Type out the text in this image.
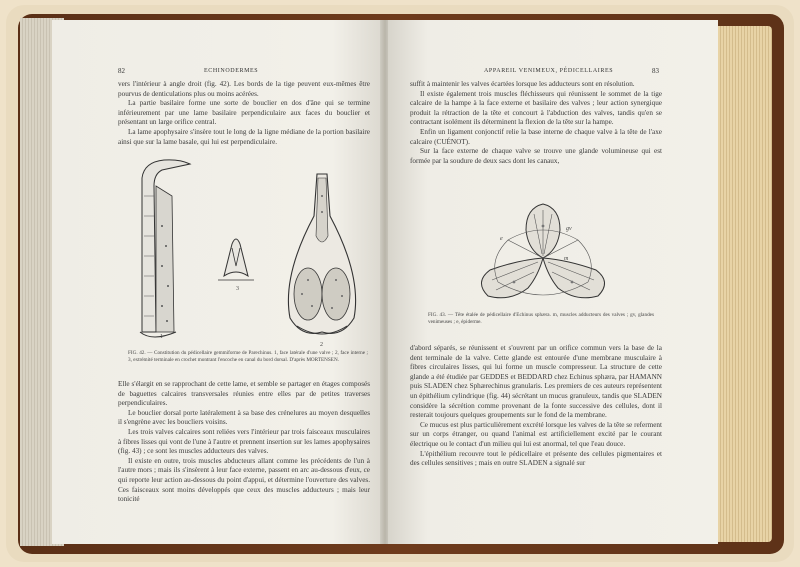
82	ECHINODERMES

vers l'intérieur à angle droit (fig. 42). Les bords de la tige peuvent eux-mêmes être pourvus de denticulations plus ou moins acérées.

La partie basilaire forme une sorte de bouclier en dos d'âne qui se termine inférieurement par une lame basilaire perpendiculaire aux faces du bouclier et présentant un large orifice central.

La lame apophysaire s'insère tout le long de la ligne médiane de la portion basilaire ainsi que sur la lame basale, qui lui est perpendiculaire.

1
3
2
FIG. 42. — Constitution du pédicellaire gemmiforme de Parechinus. 1, face latérale d'une valve ; 2, face interne ; 3, extrémité terminale en crochet montrant l'encoche en canal du bord dorsal. D'après MORTENSEN.

Elle s'élargit en se rapprochant de cette lame, et semble se partager en étages composés de baguettes calcaires transversales réunies entre elles par de petites traverses perpendiculaires.

Le bouclier dorsal porte latéralement à sa base des crénelures au moyen desquelles il s'engrène avec les boucliers voisins.

Les trois valves calcaires sont reliées vers l'intérieur par trois faisceaux musculaires à fibres lisses qui vont de l'une à l'autre et prennent insertion sur les lames apophysaires (fig. 43) ; ce sont les muscles adducteurs des valves.

Il existe en outre, trois muscles abducteurs allant comme les précédents de l'un à l'autre mors ; mais ils s'insèrent à leur face externe, passent en arc au-dessous d'eux, ce qui reporte leur action au-dessous du point d'appui, et détermine l'ouverture des valves. Ces faisceaux sont moins développés que ceux des muscles adducteurs ; mais leur tonicité

APPAREIL VENIMEUX, PÉDICELLAIRES	83

suffit à maintenir les valves écartées lorsque les adducteurs sont en résolution.

Il existe également trois muscles fléchisseurs qui réunissent le sommet de la tige calcaire de la hampe à la face externe et basilaire des valves ; leur action synergique produit la rétraction de la tête et concourt à l'abduction des valves, tandis qu'en se contractant isolément ils déterminent la flexion de la tête sur la hampe.

Enfin un ligament conjonctif relie la base interne de chaque valve à la tête de l'axe calcaire (CUÉNOT).

Sur la face externe de chaque valve se trouve une glande volumineuse qui est formée par la soudure de deux sacs dont les canaux,

gv
e
m
FIG. 43. — Tête étalée de pédicellaire d'Echinus sphæra. m, muscles adducteurs des valves ; gv, glandes venimeuses ; e, épiderme.

d'abord séparés, se réunissent et s'ouvrent par un orifice commun vers la base de la dent terminale de la valve. Cette glande est entourée d'une membrane musculaire à fibres circulaires lisses, qui lui forme un muscle compresseur. La structure de cette glande a été étudiée par GEDDES et BEDDARD chez Echinus sphæra, par HAMANN puis SLADEN chez Sphærechinus granularis. Les premiers de ces auteurs représentent un épithélium cylindrique (fig. 44) sécrétant un mucus granuleux, tandis que SLADEN considère la sécrétion comme provenant de la fonte successive des cellules, dont il resterait toujours quelques groupements sur le fond de la membrane.

Ce mucus est plus particulièrement excrété lorsque les valves de la tête se referment sur un corps étranger, ou quand l'animal est artificiellement excité par le courant électrique ou le contact d'un milieu qui lui est anormal, tel que l'eau douce.

L'épithélium recouvre tout le pédicellaire et présente des cellules pigmentaires et des cellules sensitives ; mais en outre SLADEN a signalé sur
